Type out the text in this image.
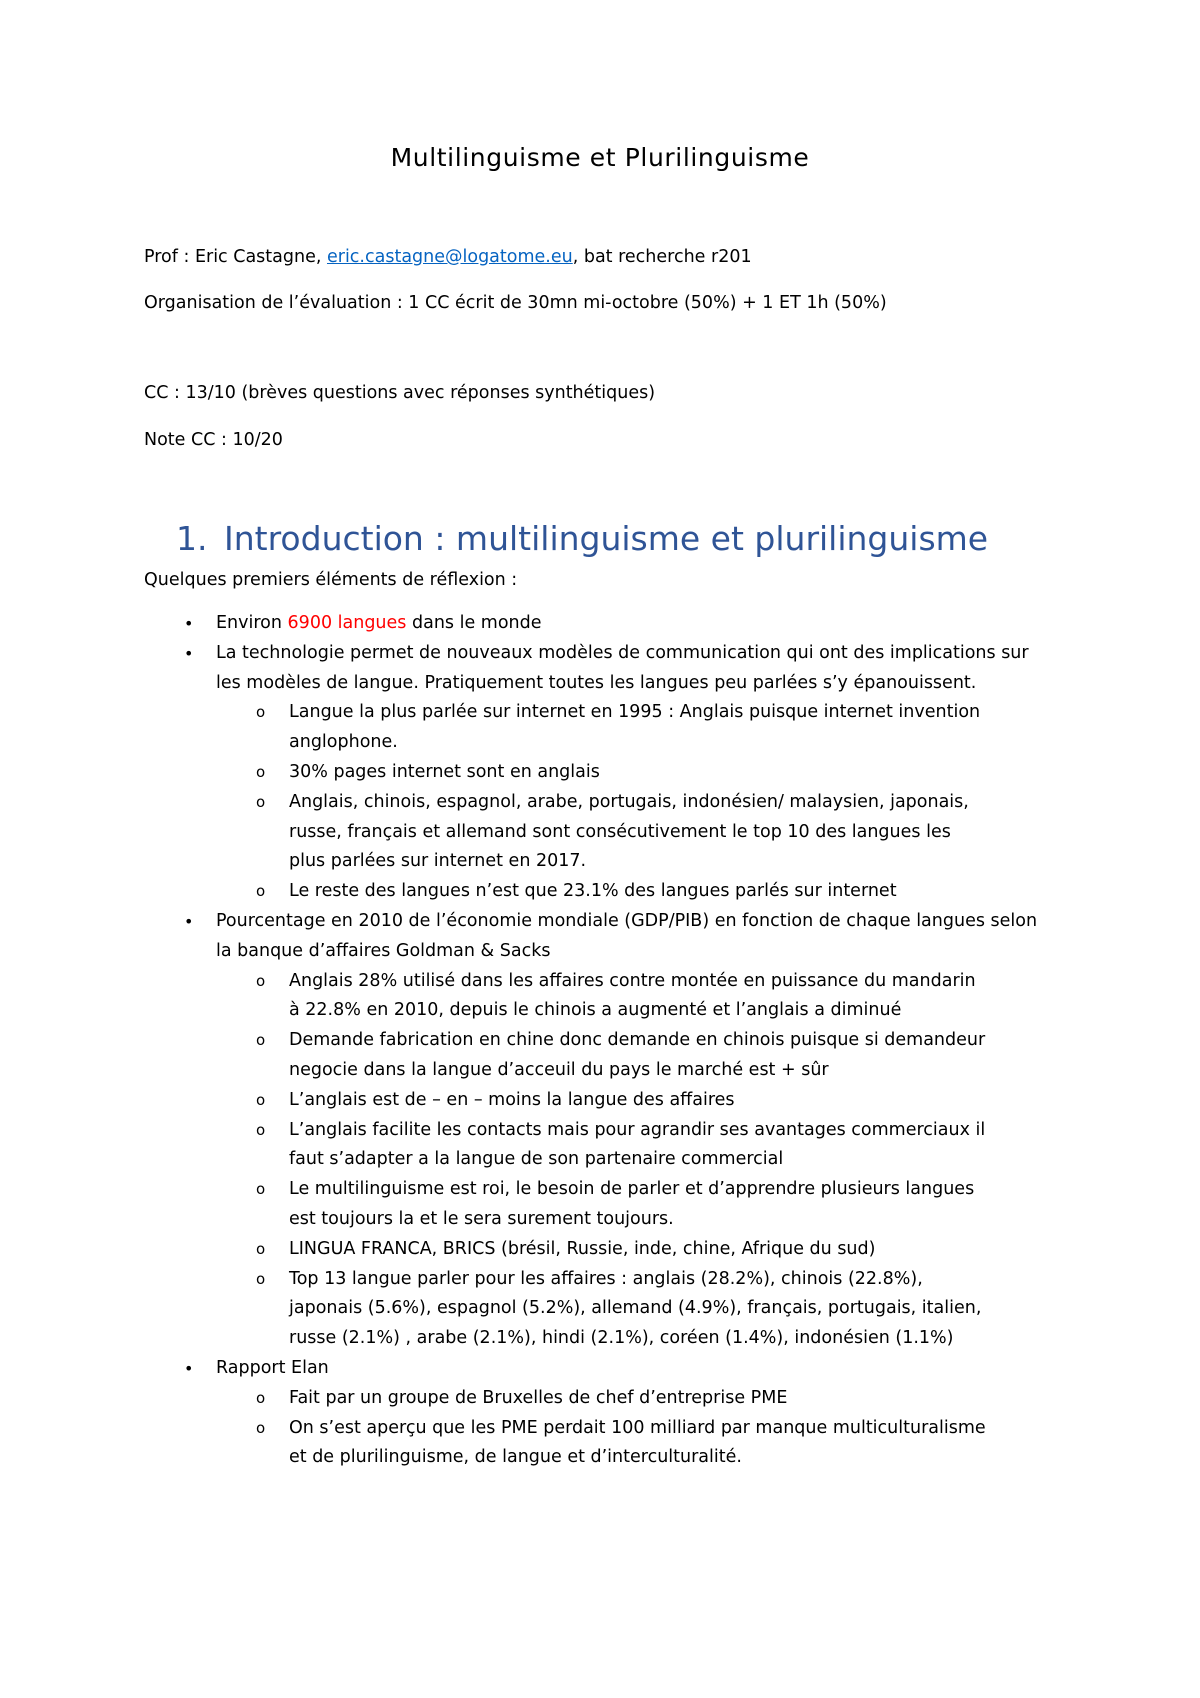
Multilinguisme et Plurilinguisme
Prof : Eric Castagne, eric.castagne@logatome.eu, bat recherche r201
Organisation de l’évaluation : 1 CC écrit de 30mn mi-octobre (50%) + 1 ET 1h (50%)
CC : 13/10 (brèves questions avec réponses synthétiques)
Note CC : 10/20
1. Introduction : multilinguisme et plurilinguisme
Quelques premiers éléments de réflexion :
• Environ 6900 langues dans le monde
• La technologie permet de nouveaux modèles de communication qui ont des implications sur les modèles de langue. Pratiquement toutes les langues peu parlées s’y épanouissent.
o Langue la plus parlée sur internet en 1995 : Anglais puisque internet invention anglophone.
o 30% pages internet sont en anglais
o Anglais, chinois, espagnol, arabe, portugais, indonésien/ malaysien, japonais, russe, français et allemand sont consécutivement le top 10 des langues les plus parlées sur internet en 2017.
o Le reste des langues n’est que 23.1% des langues parlés sur internet
• Pourcentage en 2010 de l’économie mondiale (GDP/PIB) en fonction de chaque langues selon la banque d’affaires Goldman & Sacks
o Anglais 28% utilisé dans les affaires contre montée en puissance du mandarin à 22.8% en 2010, depuis le chinois a augmenté et l’anglais a diminué
o Demande fabrication en chine donc demande en chinois puisque si demandeur negocie dans la langue d’acceuil du pays le marché est + sûr
o L’anglais est de – en – moins la langue des affaires
o L’anglais facilite les contacts mais pour agrandir ses avantages commerciaux il faut s’adapter a la langue de son partenaire commercial
o Le multilinguisme est roi, le besoin de parler et d’apprendre plusieurs langues est toujours la et le sera surement toujours.
o LINGUA FRANCA, BRICS (brésil, Russie, inde, chine, Afrique du sud)
o Top 13 langue parler pour les affaires : anglais (28.2%), chinois (22.8%), japonais (5.6%), espagnol (5.2%), allemand (4.9%), français, portugais, italien, russe (2.1%) , arabe (2.1%), hindi (2.1%), coréen (1.4%), indonésien (1.1%)
• Rapport Elan
o Fait par un groupe de Bruxelles de chef d’entreprise PME
o On s’est aperçu que les PME perdait 100 milliard par manque multiculturalisme et de plurilinguisme, de langue et d’interculturalité.
